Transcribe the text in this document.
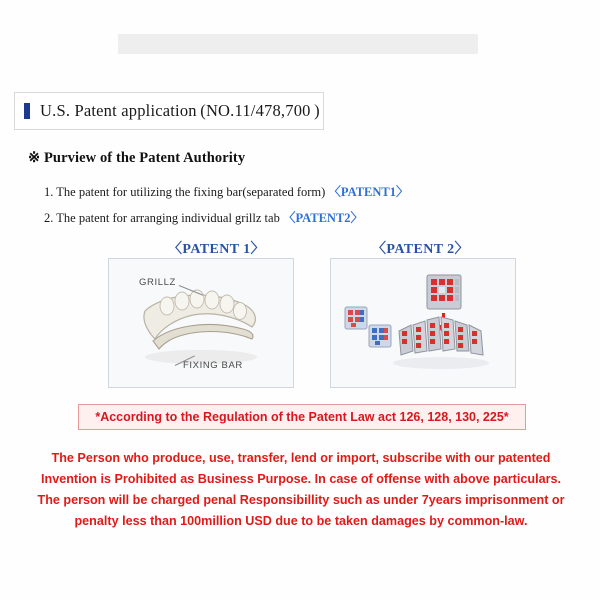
U.S. Patent application (NO.11/478,700 )
※ Purview of the Patent Authority
1. The patent for utilizing the fixing bar(separated form) 〈PATENT1〉
2. The patent for arranging individual grillz tab 〈PATENT2〉
〈PATENT 1〉	〈PATENT 2〉
GRILLZ
FIXING BAR
*According to the Regulation of the Patent Law act 126, 128, 130, 225*
The Person who produce, use, transfer, lend or import, subscribe with our patented
Invention is Prohibited as Business Purpose. In case of offense with above particulars.
The person will be charged penal Responsibillity such as under 7years imprisonment or
penalty less than 100million USD due to be taken damages by common-law.
